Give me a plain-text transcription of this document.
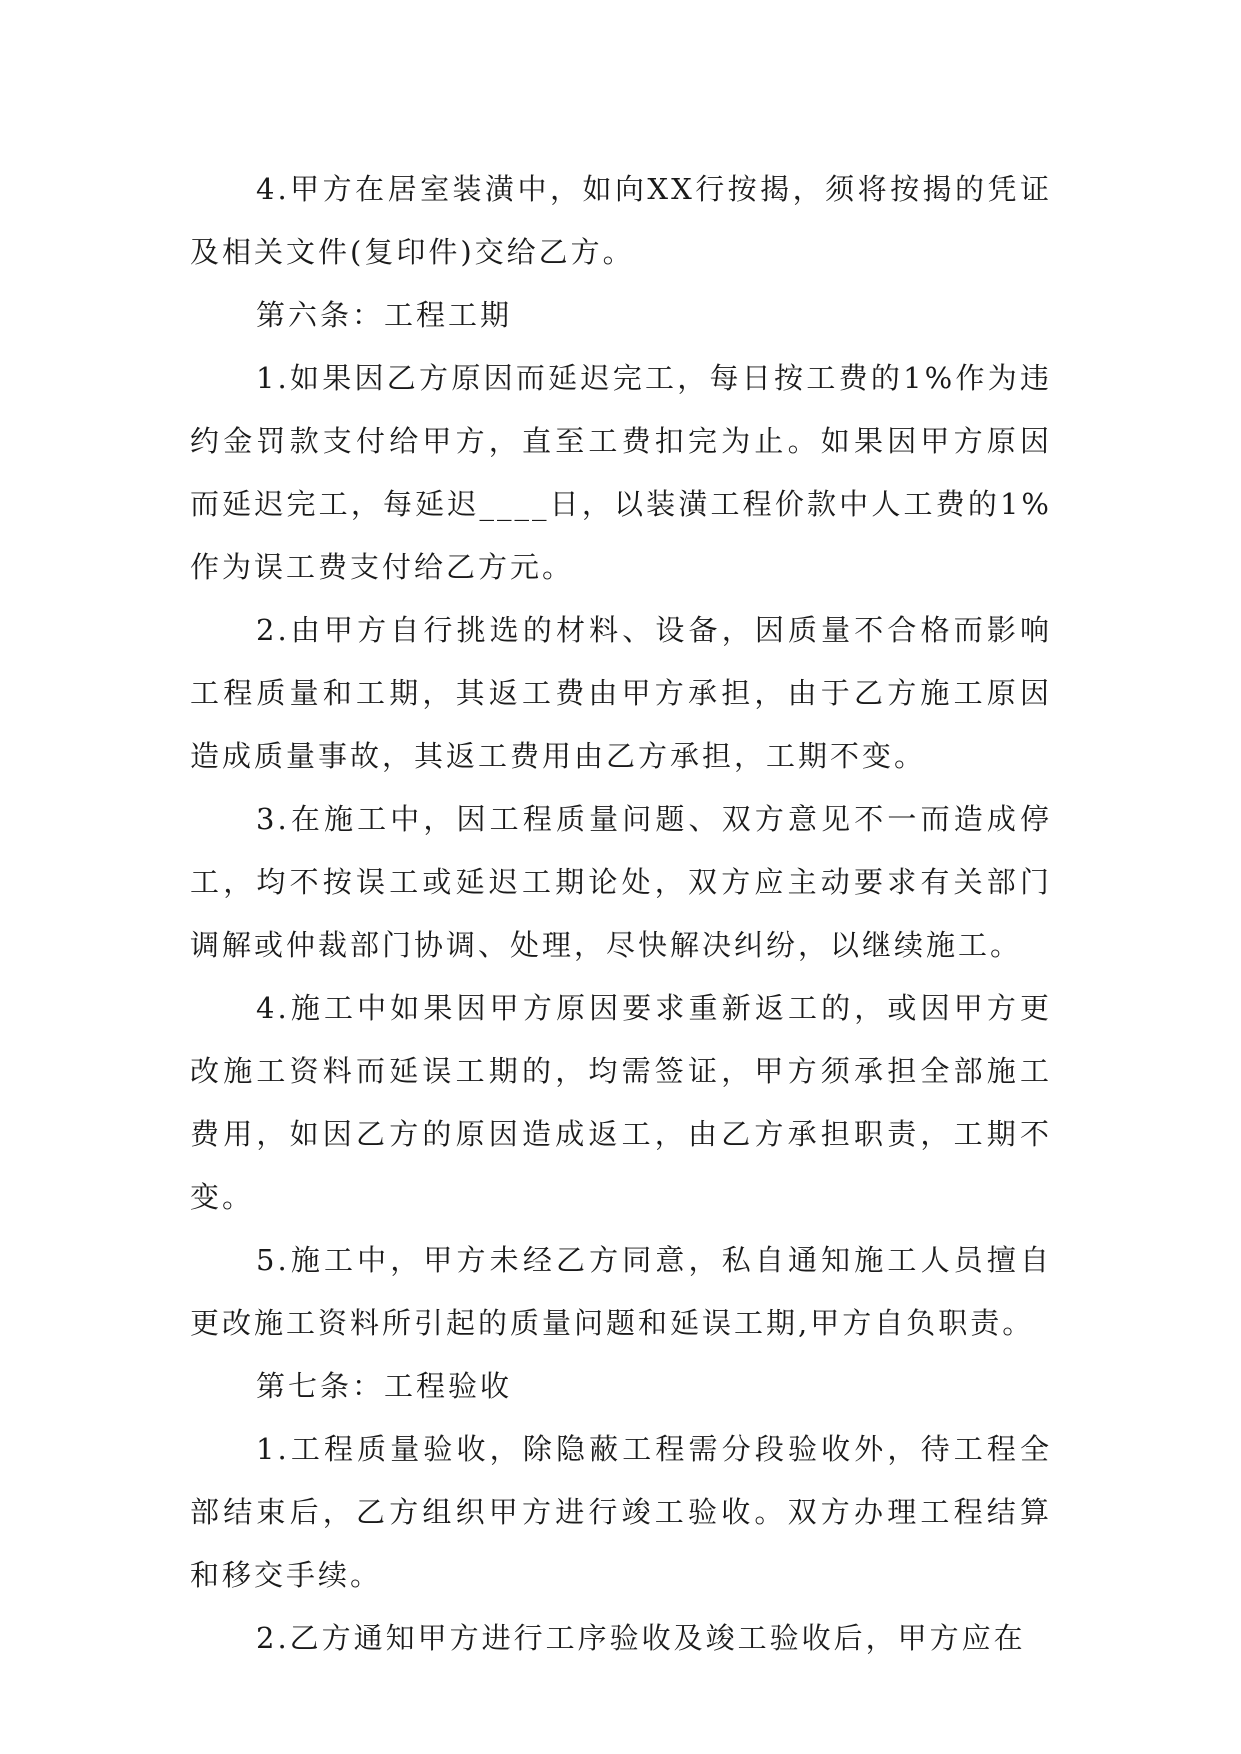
4.甲方在居室装潢中，如向XX行按揭，须将按揭的凭证及相关文件(复印件)交给乙方。

第六条：工程工期

1.如果因乙方原因而延迟完工，每日按工费的1%作为违约金罚款支付给甲方，直至工费扣完为止。如果因甲方原因而延迟完工，每延迟____日，以装潢工程价款中人工费的1%作为误工费支付给乙方元。

2.由甲方自行挑选的材料、设备，因质量不合格而影响工程质量和工期，其返工费由甲方承担，由于乙方施工原因造成质量事故，其返工费用由乙方承担，工期不变。

3.在施工中，因工程质量问题、双方意见不一而造成停工，均不按误工或延迟工期论处，双方应主动要求有关部门调解或仲裁部门协调、处理，尽快解决纠纷，以继续施工。

4.施工中如果因甲方原因要求重新返工的，或因甲方更改施工资料而延误工期的，均需签证，甲方须承担全部施工费用，如因乙方的原因造成返工，由乙方承担职责，工期不变。

5.施工中，甲方未经乙方同意，私自通知施工人员擅自更改施工资料所引起的质量问题和延误工期,甲方自负职责。

第七条：工程验收

1.工程质量验收，除隐蔽工程需分段验收外，待工程全部结束后，乙方组织甲方进行竣工验收。双方办理工程结算和移交手续。

2.乙方通知甲方进行工序验收及竣工验收后，甲方应在
